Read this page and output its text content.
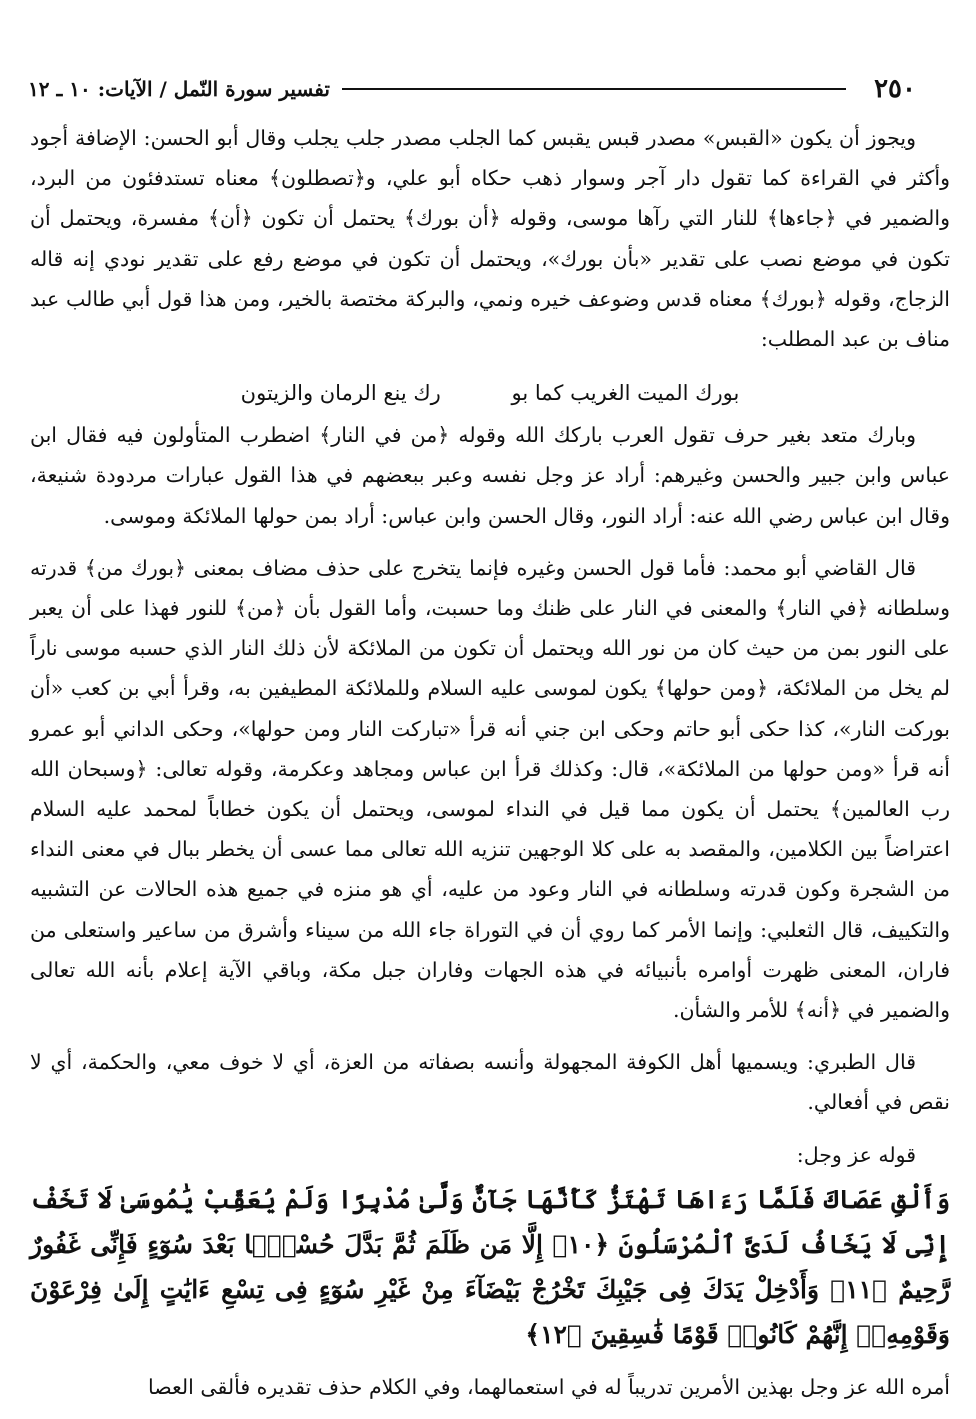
٢٥٠
تفسير سورة النّمل / الآيات: ١٠ ـ ١٢

ويجوز أن يكون «القبس» مصدر قبس يقبس كما الجلب مصدر جلب يجلب وقال أبو الحسن: الإضافة أجود وأكثر في القراءة كما تقول دار آجر وسوار ذهب حكاه أبو علي، و﴿تصطلون﴾ معناه تستدفئون من البرد، والضمير في ﴿جاءها﴾ للنار التي رآها موسى، وقوله ﴿أن بورك﴾ يحتمل أن تكون ﴿أن﴾ مفسرة، ويحتمل أن تكون في موضع نصب على تقدير «بأن بورك»، ويحتمل أن تكون في موضع رفع على تقدير نودي إنه قاله الزجاج، وقوله ﴿بورك﴾ معناه قدس وضوعف خيره ونمي، والبركة مختصة بالخير، ومن هذا قول أبي طالب عبد مناف بن عبد المطلب:

بورك الميت الغريب كما بو رك ينع الرمان والزيتون

وبارك متعد بغير حرف تقول العرب باركك الله وقوله ﴿من في النار﴾ اضطرب المتأولون فيه فقال ابن عباس وابن جبير والحسن وغيرهم: أراد عز وجل نفسه وعبر ببعضهم في هذا القول عبارات مردودة شنيعة، وقال ابن عباس رضي الله عنه: أراد النور، وقال الحسن وابن عباس: أراد بمن حولها الملائكة وموسى.

قال القاضي أبو محمد: فأما قول الحسن وغيره فإنما يتخرج على حذف مضاف بمعنى ﴿بورك من﴾ قدرته وسلطانه ﴿في النار﴾ والمعنى في النار على ظنك وما حسبت، وأما القول بأن ﴿من﴾ للنور فهذا على أن يعبر على النور بمن من حيث كان من نور الله ويحتمل أن تكون من الملائكة لأن ذلك النار الذي حسبه موسى ناراً لم يخل من الملائكة، ﴿ومن حولها﴾ يكون لموسى عليه السلام وللملائكة المطيفين به، وقرأ أبي بن كعب «أن بوركت النار»، كذا حكى أبو حاتم وحكى ابن جني أنه قرأ «تباركت النار ومن حولها»، وحكى الداني أبو عمرو أنه قرأ «ومن حولها من الملائكة»، قال: وكذلك قرأ ابن عباس ومجاهد وعكرمة، وقوله تعالى: ﴿وسبحان الله رب العالمين﴾ يحتمل أن يكون مما قيل في النداء لموسى، ويحتمل أن يكون خطاباً لمحمد عليه السلام اعتراضاً بين الكلامين، والمقصد به على كلا الوجهين تنزيه الله تعالى مما عسى أن يخطر ببال في معنى النداء من الشجرة وكون قدرته وسلطانه في النار وعود من عليه، أي هو منزه في جميع هذه الحالات عن التشبيه والتكييف، قال الثعلبي: وإنما الأمر كما روي أن في التوراة جاء الله من سيناء وأشرق من ساعير واستعلى من فاران، المعنى ظهرت أوامره بأنبيائه في هذه الجهات وفاران جبل مكة، وباقي الآية إعلام بأنه الله تعالى والضمير في ﴿أنه﴾ للأمر والشأن.

قال الطبري: ويسميها أهل الكوفة المجهولة وأنسه بصفاته من العزة، أي لا خوف معي، والحكمة، أي لا نقص في أفعالي.

قوله عز وجل:

وَأَلْقِ عَصَاكَ فَلَمَّا رَءَاهَا تَهْتَزُّ كَأَنَّهَا جَآنٌّ وَلَّىٰ مُدْبِرًا وَلَمْ يُعَقِّبْ يَٰمُوسَىٰ لَا تَخَفْ إِنِّى لَا يَخَافُ لَدَىَّ ٱلْمُرْسَلُونَ ﴿١٠﴾ إِلَّا مَن ظَلَمَ ثُمَّ بَدَّلَ حُسْنًۢا بَعْدَ سُوٓءٍ فَإِنِّى غَفُورٌ رَّحِيمٌ ﴿١١﴾ وَأَدْخِلْ يَدَكَ فِى جَيْبِكَ تَخْرُجْ بَيْضَآءَ مِنْ غَيْرِ سُوٓءٍ فِى تِسْعِ ءَايَٰتٍ إِلَىٰ فِرْعَوْنَ وَقَوْمِهِۦٓ إِنَّهُمْ كَانُوا۟ قَوْمًا فَٰسِقِينَ ﴿١٢﴾

أمره الله عز وجل بهذين الأمرين تدريباً له في استعمالهما، وفي الكلام حذف تقديره فألقى العصا
